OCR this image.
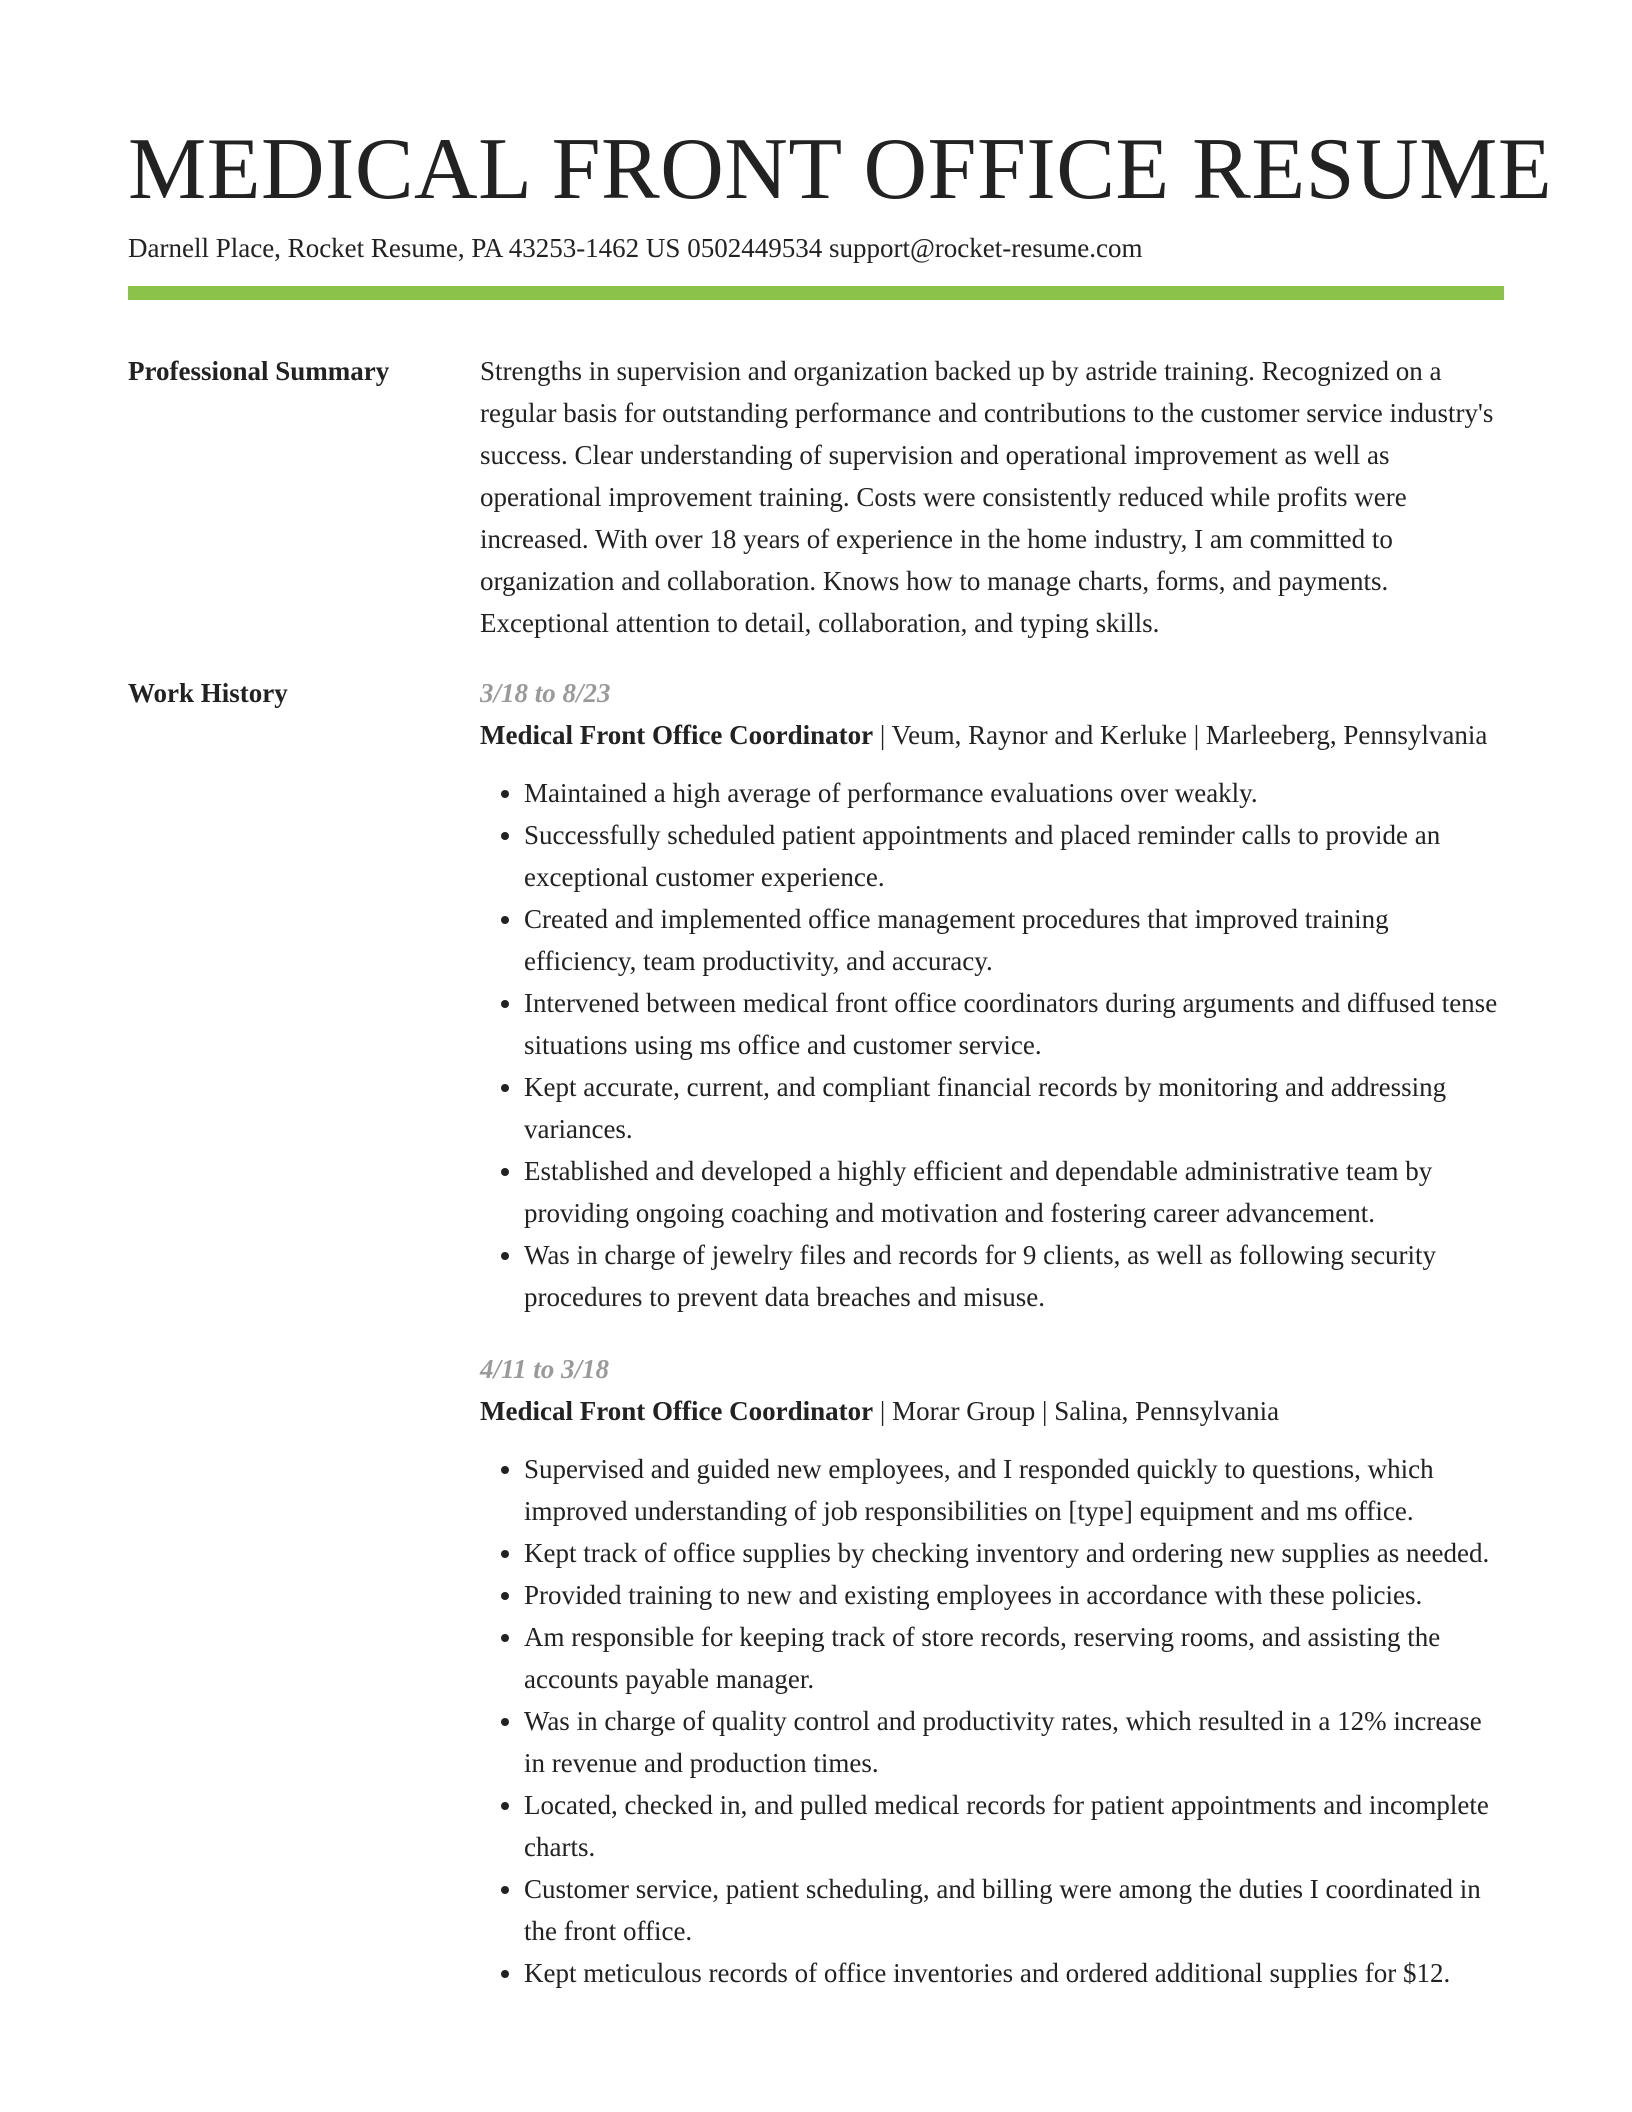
MEDICAL FRONT OFFICE RESUME
Darnell Place, Rocket Resume, PA 43253-1462 US 0502449534 support@rocket-resume.com
Professional Summary	Strengths in supervision and organization backed up by astride training. Recognized on a regular basis for outstanding performance and contributions to the customer service industry's success. Clear understanding of supervision and operational improvement as well as operational improvement training. Costs were consistently reduced while profits were increased. With over 18 years of experience in the home industry, I am committed to organization and collaboration. Knows how to manage charts, forms, and payments. Exceptional attention to detail, collaboration, and typing skills.

Work History	3/18 to 8/23
Medical Front Office Coordinator | Veum, Raynor and Kerluke | Marleeberg, Pennsylvania
• Maintained a high average of performance evaluations over weakly.
• Successfully scheduled patient appointments and placed reminder calls to provide an exceptional customer experience.
• Created and implemented office management procedures that improved training efficiency, team productivity, and accuracy.
• Intervened between medical front office coordinators during arguments and diffused tense situations using ms office and customer service.
• Kept accurate, current, and compliant financial records by monitoring and addressing variances.
• Established and developed a highly efficient and dependable administrative team by providing ongoing coaching and motivation and fostering career advancement.
• Was in charge of jewelry files and records for 9 clients, as well as following security procedures to prevent data breaches and misuse.
4/11 to 3/18
Medical Front Office Coordinator | Morar Group | Salina, Pennsylvania
• Supervised and guided new employees, and I responded quickly to questions, which improved understanding of job responsibilities on [type] equipment and ms office.
• Kept track of office supplies by checking inventory and ordering new supplies as needed.
• Provided training to new and existing employees in accordance with these policies.
• Am responsible for keeping track of store records, reserving rooms, and assisting the accounts payable manager.
• Was in charge of quality control and productivity rates, which resulted in a 12% increase in revenue and production times.
• Located, checked in, and pulled medical records for patient appointments and incomplete charts.
• Customer service, patient scheduling, and billing were among the duties I coordinated in the front office.
• Kept meticulous records of office inventories and ordered additional supplies for $12.
